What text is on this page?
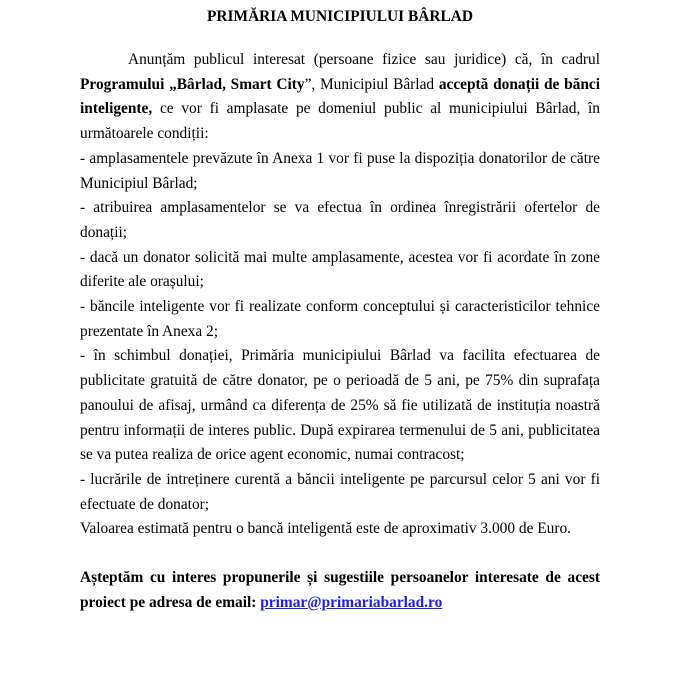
PRIMĂRIA MUNICIPIULUI BÂRLAD

Anunțăm publicul interesat (persoane fizice sau juridice) că, în cadrul Programului „Bârlad, Smart City”, Municipiul Bârlad acceptă donații de bănci inteligente, ce vor fi amplasate pe domeniul public al municipiului Bârlad, în următoarele condiții:

- amplasamentele prevăzute în Anexa 1 vor fi puse la dispoziția donatorilor de către Municipiul Bârlad;

- atribuirea amplasamentelor se va efectua în ordinea înregistrării ofertelor de donații;

- dacă un donator solicită mai multe amplasamente, acestea vor fi acordate în zone diferite ale orașului;

- băncile inteligente vor fi realizate conform conceptului și caracteristicilor tehnice prezentate în Anexa 2;

- în schimbul donației, Primăria municipiului Bârlad va facilita efectuarea de publicitate gratuită de către donator, pe o perioadă de 5 ani, pe 75% din suprafața panoului de afisaj, urmând ca diferența de 25% să fie utilizată de instituția noastră pentru informații de interes public. După expirarea termenului de 5 ani, publicitatea se va putea realiza de orice agent economic, numai contracost;

- lucrările de intreținere curentă a băncii inteligente pe parcursul celor 5 ani vor fi efectuate de donator;

Valoarea estimată pentru o bancă inteligentă este de aproximativ 3.000 de Euro.

Așteptăm cu interes propunerile și sugestiile persoanelor interesate de acest proiect pe adresa de email: primar@primariabarlad.ro
